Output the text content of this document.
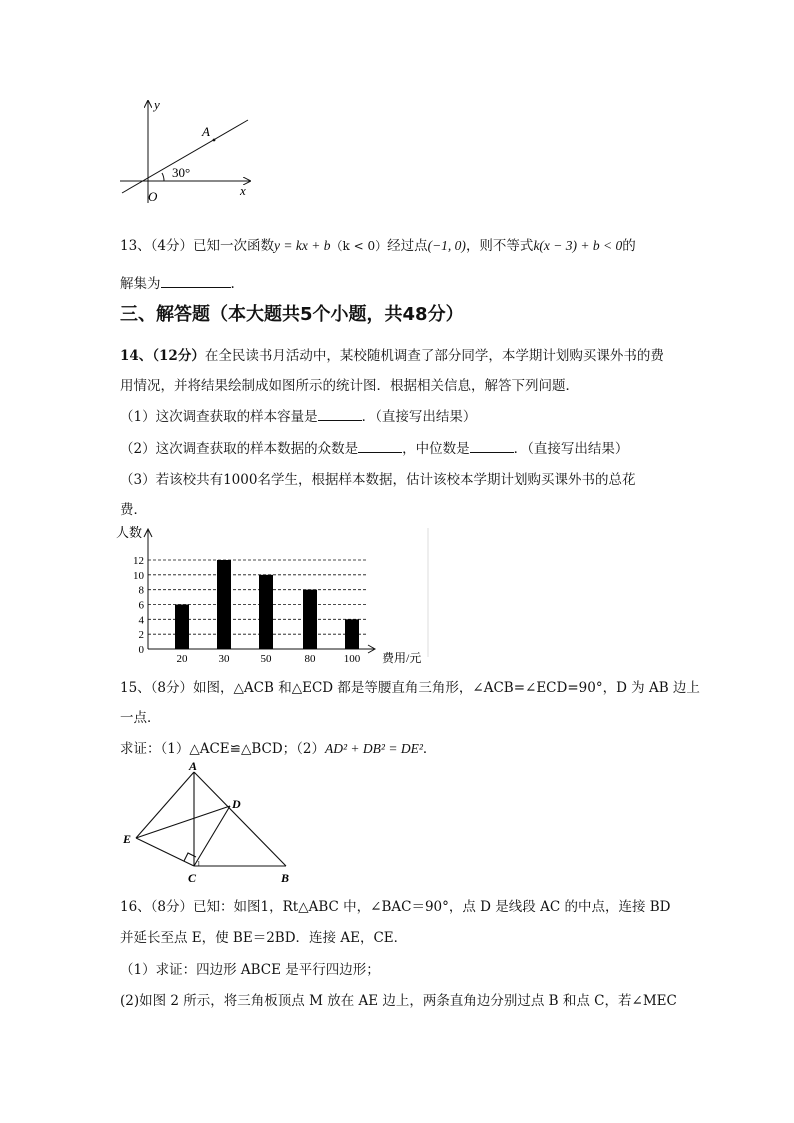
y
x
O
A
30°
13、（4分）已知一次函数y = kx + b（k < 0）经过点(−1, 0)，则不等式k(x − 3) + b < 0的
解集为	.
三、解答题（本大题共5个小题，共48分）
14、（12分）在全民读书月活动中，某校随机调查了部分同学，本学期计划购买课外书的费
用情况，并将结果绘制成如图所示的统计图．根据相关信息，解答下列问题．
（1）这次调查获取的样本容量是	．（直接写出结果）
（2）这次调查获取的样本数据的众数是	，中位数是	．（直接写出结果）
（3）若该校共有1000名学生，根据样本数据，估计该校本学期计划购买课外书的总花
费．
0
2
4
6
8
10
12
人数
费用/元
20	30	50	80	100
15、（8分）如图，△ACB 和△ECD 都是等腰直角三角形，∠ACB=∠ECD=90°，D 为 AB 边上
一点．
求证：（1）△ACE≌△BCD；（2）AD² + DB² = DE²．
A
D
E
C	B
1
16、（8分）已知：如图1，Rt△ABC 中，∠BAC＝90°，点 D 是线段 AC 的中点，连接 BD
并延长至点 E，使 BE＝2BD．连接 AE，CE．
（1）求证：四边形 ABCE 是平行四边形；
(2)如图 2 所示，将三角板顶点 M 放在 AE 边上，两条直角边分别过点 B 和点 C，若∠MEC
